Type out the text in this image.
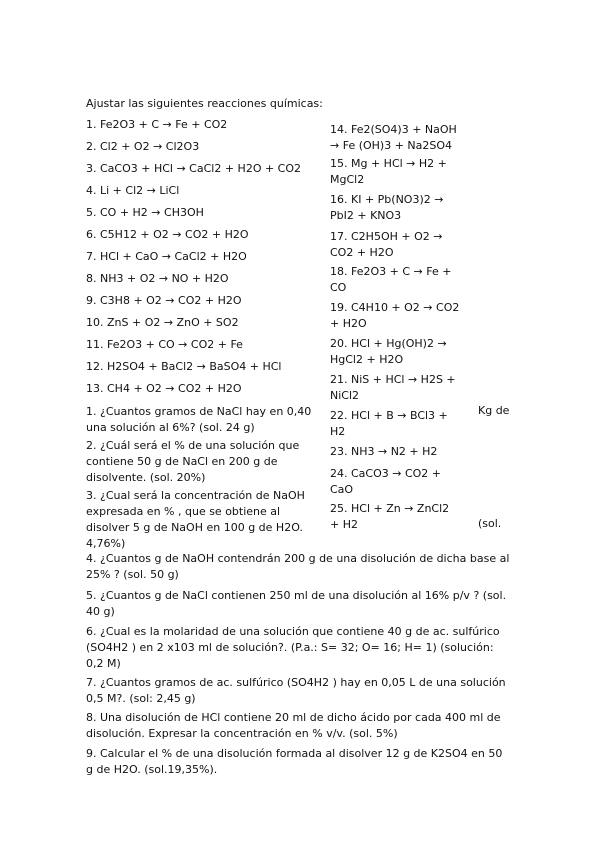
Ajustar las siguientes reacciones químicas:
1. Fe2O3 + C → Fe + CO2
2. Cl2 + O2 → Cl2O3
3. CaCO3 + HCl → CaCl2 + H2O + CO2
4. Li + Cl2 → LiCl
5. CO + H2 → CH3OH
6. C5H12 + O2 → CO2 + H2O
7. HCl + CaO → CaCl2 + H2O
8. NH3 + O2 → NO + H2O
9. C3H8 + O2 → CO2 + H2O
10. ZnS + O2 → ZnO + SO2
11. Fe2O3 + CO → CO2 + Fe
12. H2SO4 + BaCl2 → BaSO4 + HCl
13. CH4 + O2 → CO2 + H2O
1. ¿Cuantos gramos de NaCl hay en 0,40
una solución al 6%? (sol. 24 g)
2. ¿Cuál será el % de una solución que
contiene 50 g de NaCl en 200 g de
disolvente. (sol. 20%)
3. ¿Cual será la concentración de NaOH
expresada en % , que se obtiene al
disolver 5 g de NaOH en 100 g de H2O.
4,76%)
14. Fe2(SO4)3 + NaOH
→ Fe (OH)3 + Na2SO4
15. Mg + HCl → H2 +
MgCl2
16. KI + Pb(NO3)2 →
PbI2 + KNO3
17. C2H5OH + O2 →
CO2 + H2O
18. Fe2O3 + C → Fe +
CO
19. C4H10 + O2 → CO2
+ H2O
20. HCl + Hg(OH)2 →
HgCl2 + H2O
21. NiS + HCl → H2S +
NiCl2
22. HCl + B → BCl3 +
H2
23. NH3 → N2 + H2
24. CaCO3 → CO2 +
CaO
25. HCl + Zn → ZnCl2
+ H2
Kg de
(sol.
4. ¿Cuantos g de NaOH contendrán 200 g de una disolución de dicha base al
25% ? (sol. 50 g)
5. ¿Cuantos g de NaCl contienen 250 ml de una disolución al 16% p/v ? (sol.
40 g)
6. ¿Cual es la molaridad de una solución que contiene 40 g de ac. sulfúrico
(SO4H2 ) en 2 x103 ml de solución?. (P.a.: S= 32; O= 16; H= 1) (solución:
0,2 M)
7. ¿Cuantos gramos de ac. sulfúrico (SO4H2 ) hay en 0,05 L de una solución
0,5 M?. (sol: 2,45 g)
8. Una disolución de HCl contiene 20 ml de dicho ácido por cada 400 ml de
disolución. Expresar la concentración en % v/v. (sol. 5%)
9. Calcular el % de una disolución formada al disolver 12 g de K2SO4 en 50
g de H2O. (sol.19,35%).
